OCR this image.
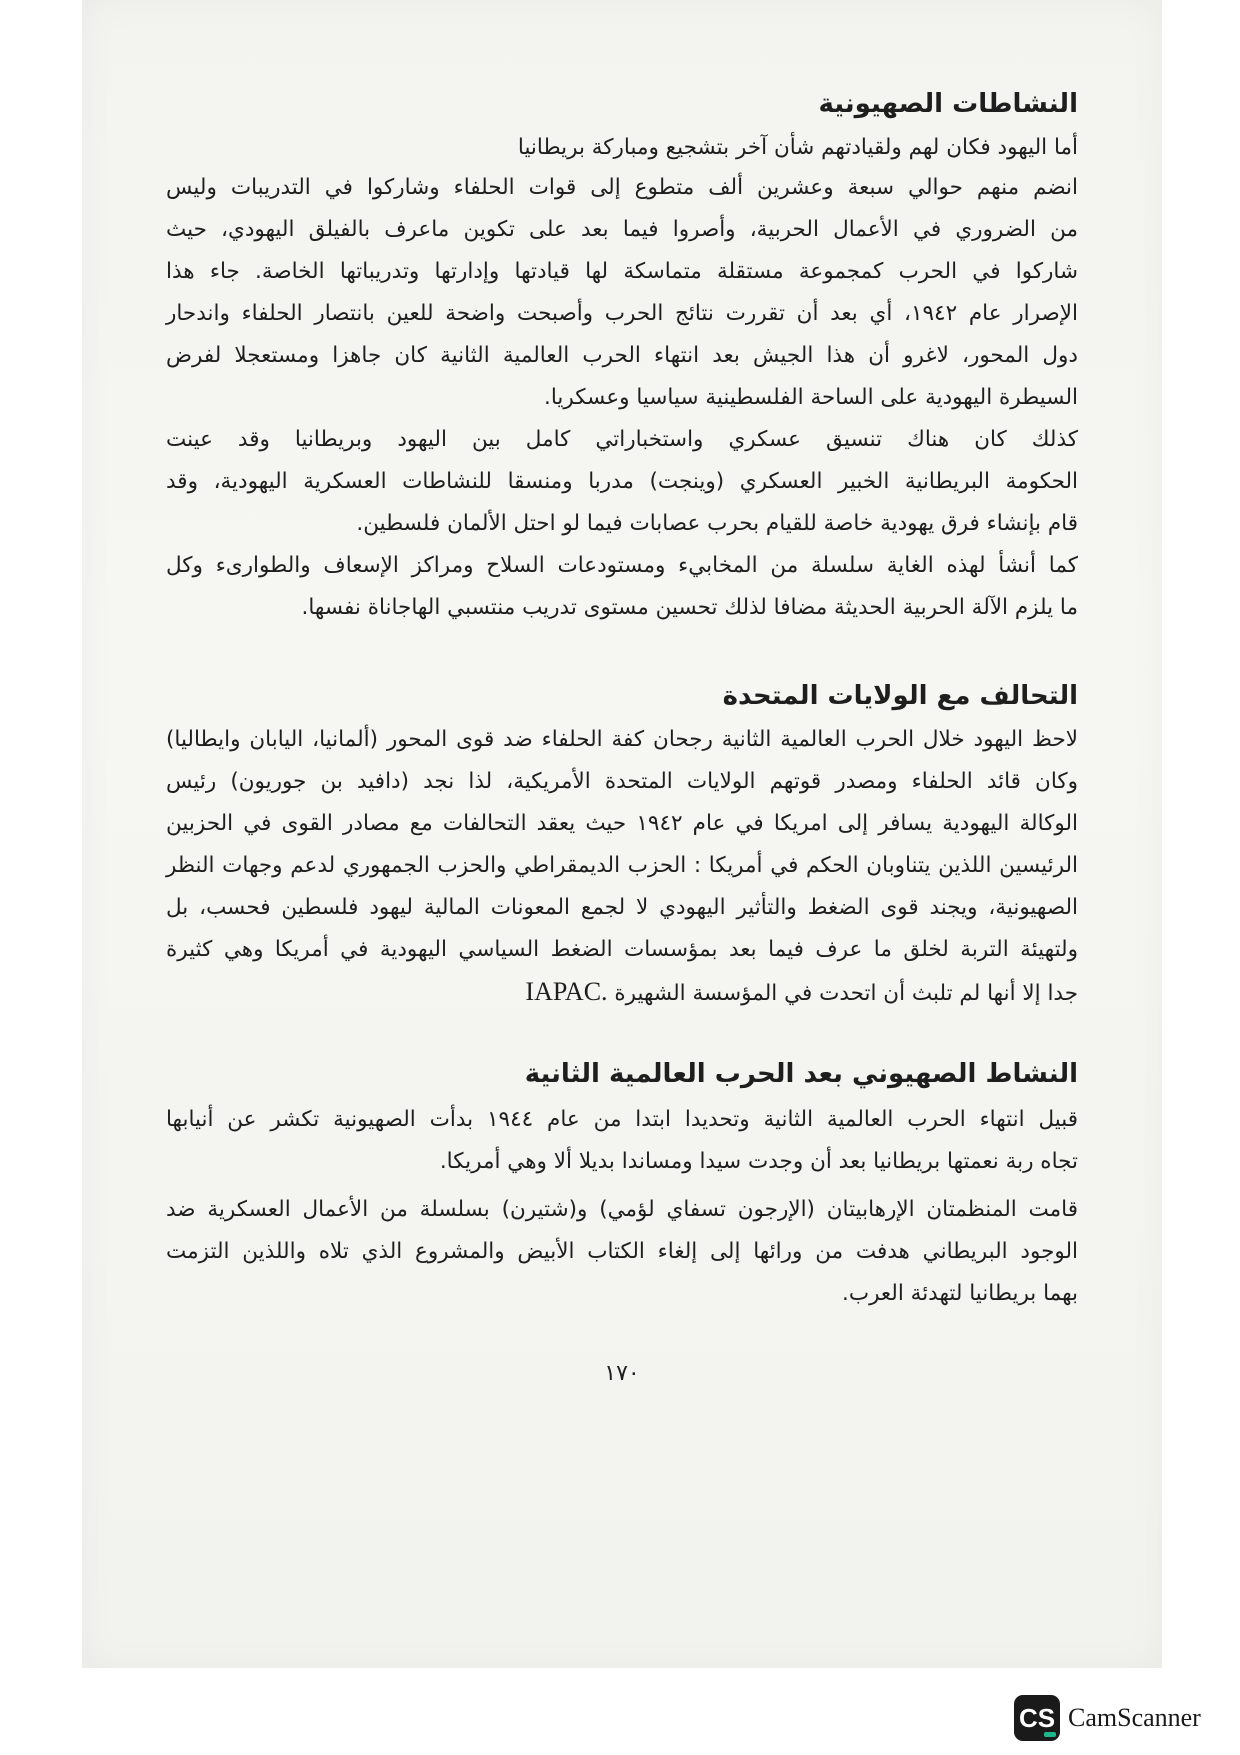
النشاطات الصهيونية
أما اليهود فكان لهم ولقيادتهم شأن آخر بتشجيع ومباركة بريطانيا
انضم منهم حوالي سبعة وعشرين ألف متطوع إلى قوات الحلفاء وشاركوا في التدريبات وليس
من الضروري في الأعمال الحربية، وأصروا فيما بعد على تكوين ماعرف بالفيلق اليهودي، حيث
شاركوا في الحرب كمجموعة مستقلة متماسكة لها قيادتها وإدارتها وتدريباتها الخاصة. جاء هذا
الإصرار عام ١٩٤٢، أي بعد أن تقررت نتائج الحرب وأصبحت واضحة للعين بانتصار الحلفاء واندحار
دول المحور، لاغرو أن هذا الجيش بعد انتهاء الحرب العالمية الثانية كان جاهزا ومستعجلا لفرض
السيطرة اليهودية على الساحة الفلسطينية سياسيا وعسكريا.
كذلك كان هناك تنسيق عسكري واستخباراتي كامل بين اليهود وبريطانيا وقد عينت
الحكومة البريطانية الخبير العسكري (وينجت) مدربا ومنسقا للنشاطات العسكرية اليهودية، وقد
قام بإنشاء فرق يهودية خاصة للقيام بحرب عصابات فيما لو احتل الألمان فلسطين.
كما أنشأ لهذه الغاية سلسلة من المخابيء ومستودعات السلاح ومراكز الإسعاف والطوارىء وكل
ما يلزم الآلة الحربية الحديثة مضافا لذلك تحسين مستوى تدريب منتسبي الهاجاناة نفسها.
التحالف مع الولايات المتحدة
لاحظ اليهود خلال الحرب العالمية الثانية رجحان كفة الحلفاء ضد قوى المحور (ألمانيا، اليابان وايطاليا)
وكان قائد الحلفاء ومصدر قوتهم الولايات المتحدة الأمريكية، لذا نجد (دافيد بن جوريون) رئيس
الوكالة اليهودية يسافر إلى امريكا في عام ١٩٤٢ حيث يعقد التحالفات مع مصادر القوى في الحزبين
الرئيسين اللذين يتناوبان الحكم في أمريكا : الحزب الديمقراطي والحزب الجمهوري لدعم وجهات النظر
الصهيونية، ويجند قوى الضغط والتأثير اليهودي لا لجمع المعونات المالية ليهود فلسطين فحسب، بل
ولتهيئة التربة لخلق ما عرف فيما بعد بمؤسسات الضغط السياسي اليهودية في أمريكا وهي كثيرة
جدا إلا أنها لم تلبث أن اتحدت في المؤسسة الشهيرة IAPAC.
النشاط الصهيوني بعد الحرب العالمية الثانية
قبيل انتهاء الحرب العالمية الثانية وتحديدا ابتدا من عام ١٩٤٤ بدأت الصهيونية تكشر عن أنيابها
تجاه ربة نعمتها بريطانيا بعد أن وجدت سيدا ومساندا بديلا ألا وهي أمريكا.
قامت المنظمتان الإرهابيتان (الإرجون تسفاي لؤمي) و(شتيرن) بسلسلة من الأعمال العسكرية ضد
الوجود البريطاني هدفت من ورائها إلى إلغاء الكتاب الأبيض والمشروع الذي تلاه واللذين التزمت
بهما بريطانيا لتهدئة العرب.
١٧٠
CS CamScanner
